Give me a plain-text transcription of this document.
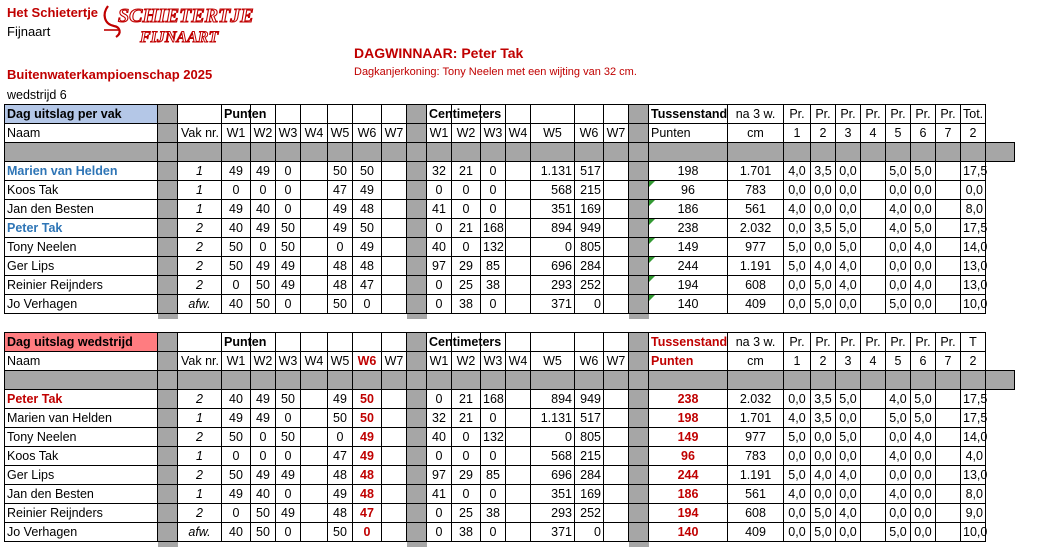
Het Schietertje
Fijnaart
SCHIETERTJE
FIJNAART
DAGWINNAAR: Peter Tak
Buitenwaterkampioenschap 2025	Dagkanjerkoning: Tony Neelen met een wijting van 32 cm.
wedstrijd 6
Dag uitslag per vak			Punten								Centimeters								Tussenstand	na 3 w.	Pr.	Pr.	Pr.	Pr.	Pr.	Pr.	Pr.	Tot.	
Naam		Vak nr.	W1	W2	W3	W4	W5	W6	W7		W1	W2	W3	W4	W5	W6	W7		Punten	cm	1	2	3	4	5	6	7	2	

Marien van Helden		1	49	49	0		50	50			32	21	0		1.131	517			198	1.701	4,0	3,5	0,0		5,0	5,0		17,5	
Koos Tak		1	0	0	0		47	49			0	0	0		568	215			96	783	0,0	0,0	0,0		0,0	0,0		0,0	
Jan den Besten		1	49	40	0		49	48			41	0	0		351	169			186	561	4,0	0,0	0,0		4,0	0,0		8,0	
Peter Tak		2	40	49	50		49	50			0	21	168		894	949			238	2.032	0,0	3,5	5,0		4,0	5,0		17,5	
Tony Neelen		2	50	0	50		0	49			40	0	132		0	805			149	977	5,0	0,0	5,0		0,0	4,0		14,0	
Ger Lips		2	50	49	49		48	48			97	29	85		696	284			244	1.191	5,0	4,0	4,0		0,0	0,0		13,0	
Reinier Reijnders		2	0	50	49		48	47			0	25	38		293	252			194	608	0,0	5,0	4,0		0,0	4,0		13,0	
Jo Verhagen		afw.	40	50	0		50	0			0	38	0		371	0			140	409	0,0	5,0	0,0		5,0	0,0		10,0	

Dag uitslag wedstrijd			Punten								Centimeters								Tussenstand	na 3 w.	Pr.	Pr.	Pr.	Pr.	Pr.	Pr.	Pr.	T	
Naam		Vak nr.	W1	W2	W3	W4	W5	W6	W7		W1	W2	W3	W4	W5	W6	W7		Punten	cm	1	2	3	4	5	6	7	2	

Peter Tak		2	40	49	50		49	50			0	21	168		894	949			238	2.032	0,0	3,5	5,0		4,0	5,0		17,5	
Marien van Helden		1	49	49	0		50	50			32	21	0		1.131	517			198	1.701	4,0	3,5	0,0		5,0	5,0		17,5	
Tony Neelen		2	50	0	50		0	49			40	0	132		0	805			149	977	5,0	0,0	5,0		0,0	4,0		14,0	
Koos Tak		1	0	0	0		47	49			0	0	0		568	215			96	783	0,0	0,0	0,0		4,0	0,0		4,0	
Ger Lips		2	50	49	49		48	48			97	29	85		696	284			244	1.191	5,0	4,0	4,0		0,0	0,0		13,0	
Jan den Besten		1	49	40	0		49	48			41	0	0		351	169			186	561	4,0	0,0	0,0		4,0	0,0		8,0	
Reinier Reijnders		2	0	50	49		48	47			0	25	38		293	252			194	608	0,0	5,0	4,0		0,0	0,0		9,0	
Jo Verhagen		afw.	40	50	0		50	0			0	38	0		371	0			140	409	0,0	5,0	0,0		5,0	0,0		10,0	
